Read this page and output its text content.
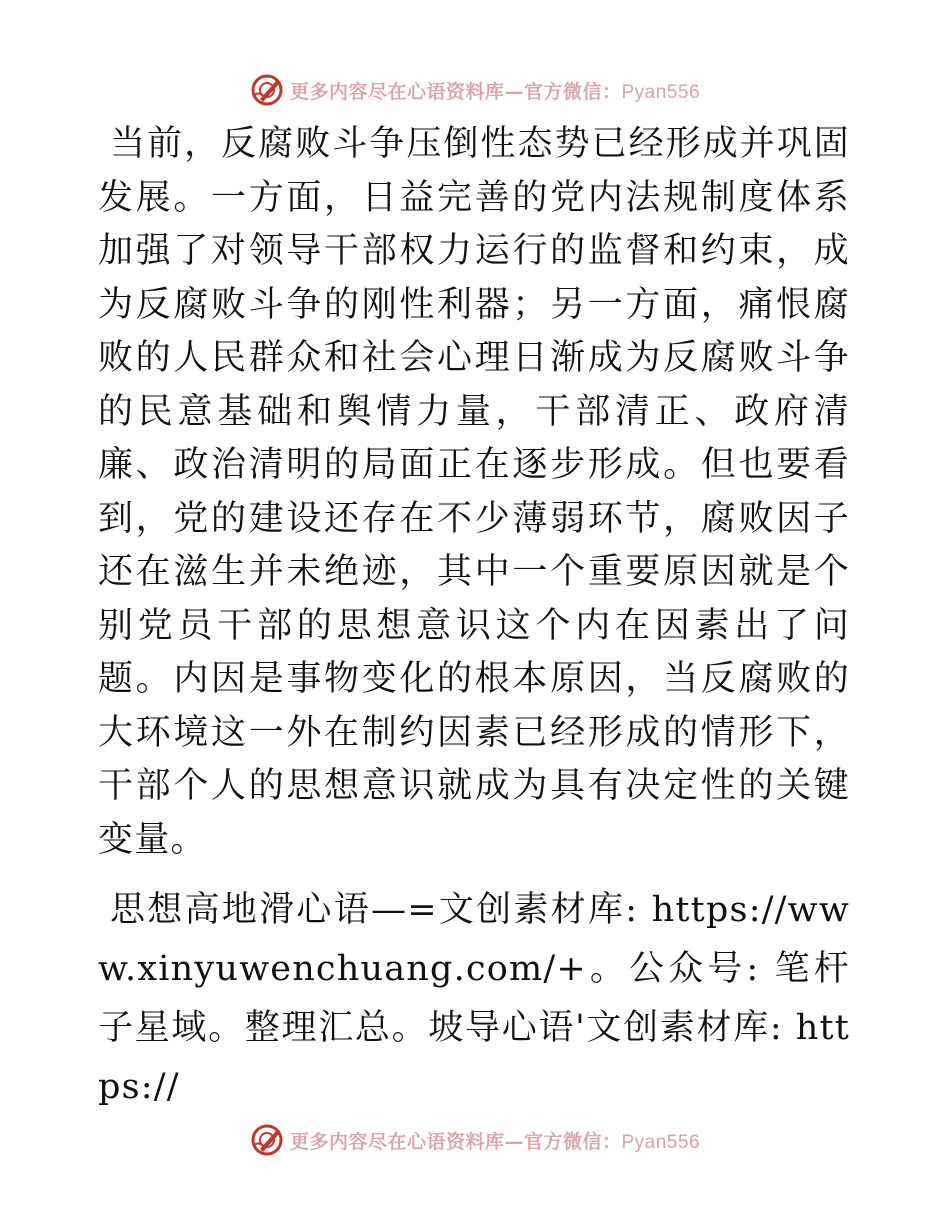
更多内容尽在心语资料库—官方微信：Pyan556

当前，反腐败斗争压倒性态势已经形成并巩固发展。一方面，日益完善的党内法规制度体系加强了对领导干部权力运行的监督和约束，成为反腐败斗争的刚性利器；另一方面，痛恨腐败的人民群众和社会心理日渐成为反腐败斗争的民意基础和舆情力量，干部清正、政府清廉、政治清明的局面正在逐步形成。但也要看到，党的建设还存在不少薄弱环节，腐败因子还在滋生并未绝迹，其中一个重要原因就是个别党员干部的思想意识这个内在因素出了问题。内因是事物变化的根本原因，当反腐败的大环境这一外在制约因素已经形成的情形下，干部个人的思想意识就成为具有决定性的关键变量。

思想高地滑心语—=文创素材库: https://www.xinyuwenchuang.com/+。公众号: 笔杆子星域。整理汇总。坡导心语'文创素材库: https://

更多内容尽在心语资料库—官方微信：Pyan556
